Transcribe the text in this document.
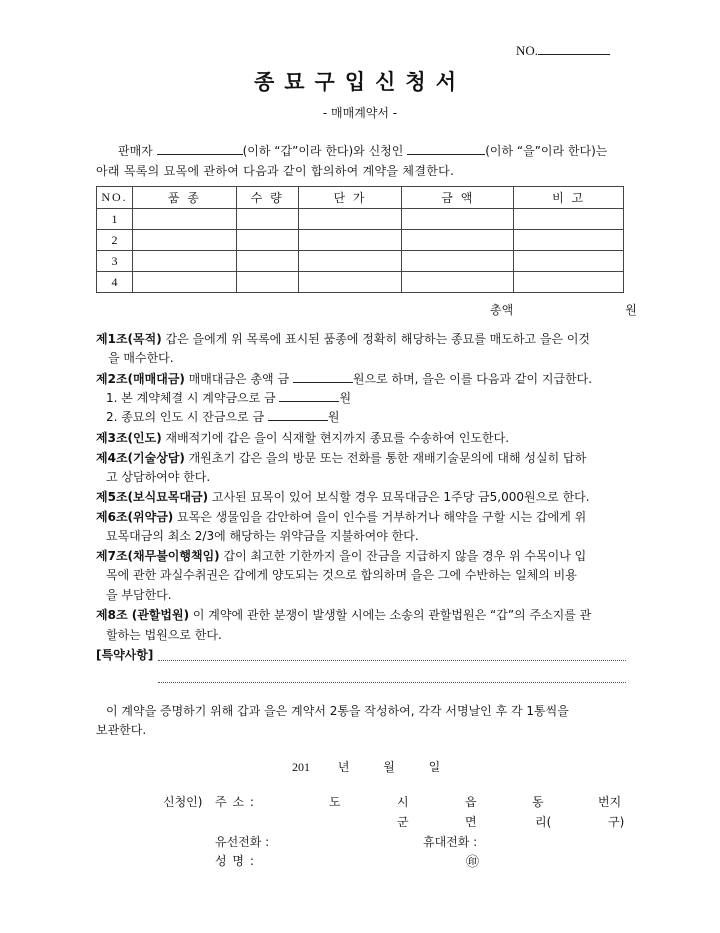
NO.
종묘구입신청서
- 매매계약서 -
판매자	(이하 “갑”이라 한다)와 신청인	(이하 “을”이라 한다)는
아래 목록의 묘목에 관하여 다음과 같이 합의하여 계약을 체결한다.
NO.	품 종	수 량	단 가	금 액	비 고
1					
2					
3					
4					
총액	원
제1조(목적) 갑은 을에게 위 목록에 표시된 품종에 정확히 해당하는 종묘를 매도하고 을은 이것
을 매수한다.
제2조(매매대금) 매매대금은 총액 금	원으로 하며, 을은 이를 다음과 같이 지급한다.
1. 본 계약체결 시 계약금으로 금	원
2. 종묘의 인도 시 잔금으로 금	원
제3조(인도) 재배적기에 갑은 을이 식재할 현지까지 종묘를 수송하여 인도한다.
제4조(기술상담) 개원초기 갑은 을의 방문 또는 전화를 통한 재배기술문의에 대해 성실히 답하
고 상담하여야 한다.
제5조(보식묘목대금) 고사된 묘목이 있어 보식할 경우 묘목대금은 1주당 금5,000원으로 한다.
제6조(위약금) 묘목은 생물임을 감안하여 을이 인수를 거부하거나 해약을 구할 시는 갑에게 위
묘목대금의 최소 2/3에 해당하는 위약금을 지불하여야 한다.
제7조(채무불이행책임) 갑이 최고한 기한까지 을이 잔금을 지급하지 않을 경우 위 수목이나 입
목에 관한 과실수취권은 갑에게 양도되는 것으로 합의하며 을은 그에 수반하는 일체의 비용
을 부담한다.
제8조 (관할법원) 이 계약에 관한 분쟁이 발생할 시에는 소송의 관할법원은 “갑”의 주소지를 관
할하는 법원으로 한다.
[특약사항]
이 계약을 증명하기 위해 갑과 을은 계약서 2통을 작성하여, 각각 서명날인 후 각 1통씩을
보관한다.
201 년	월	일
신청인) 주 소 :	도	시	읍	동	번지
군	면	리(	구)
유선전화 :	휴대전화 :
성 명 :	㊞
